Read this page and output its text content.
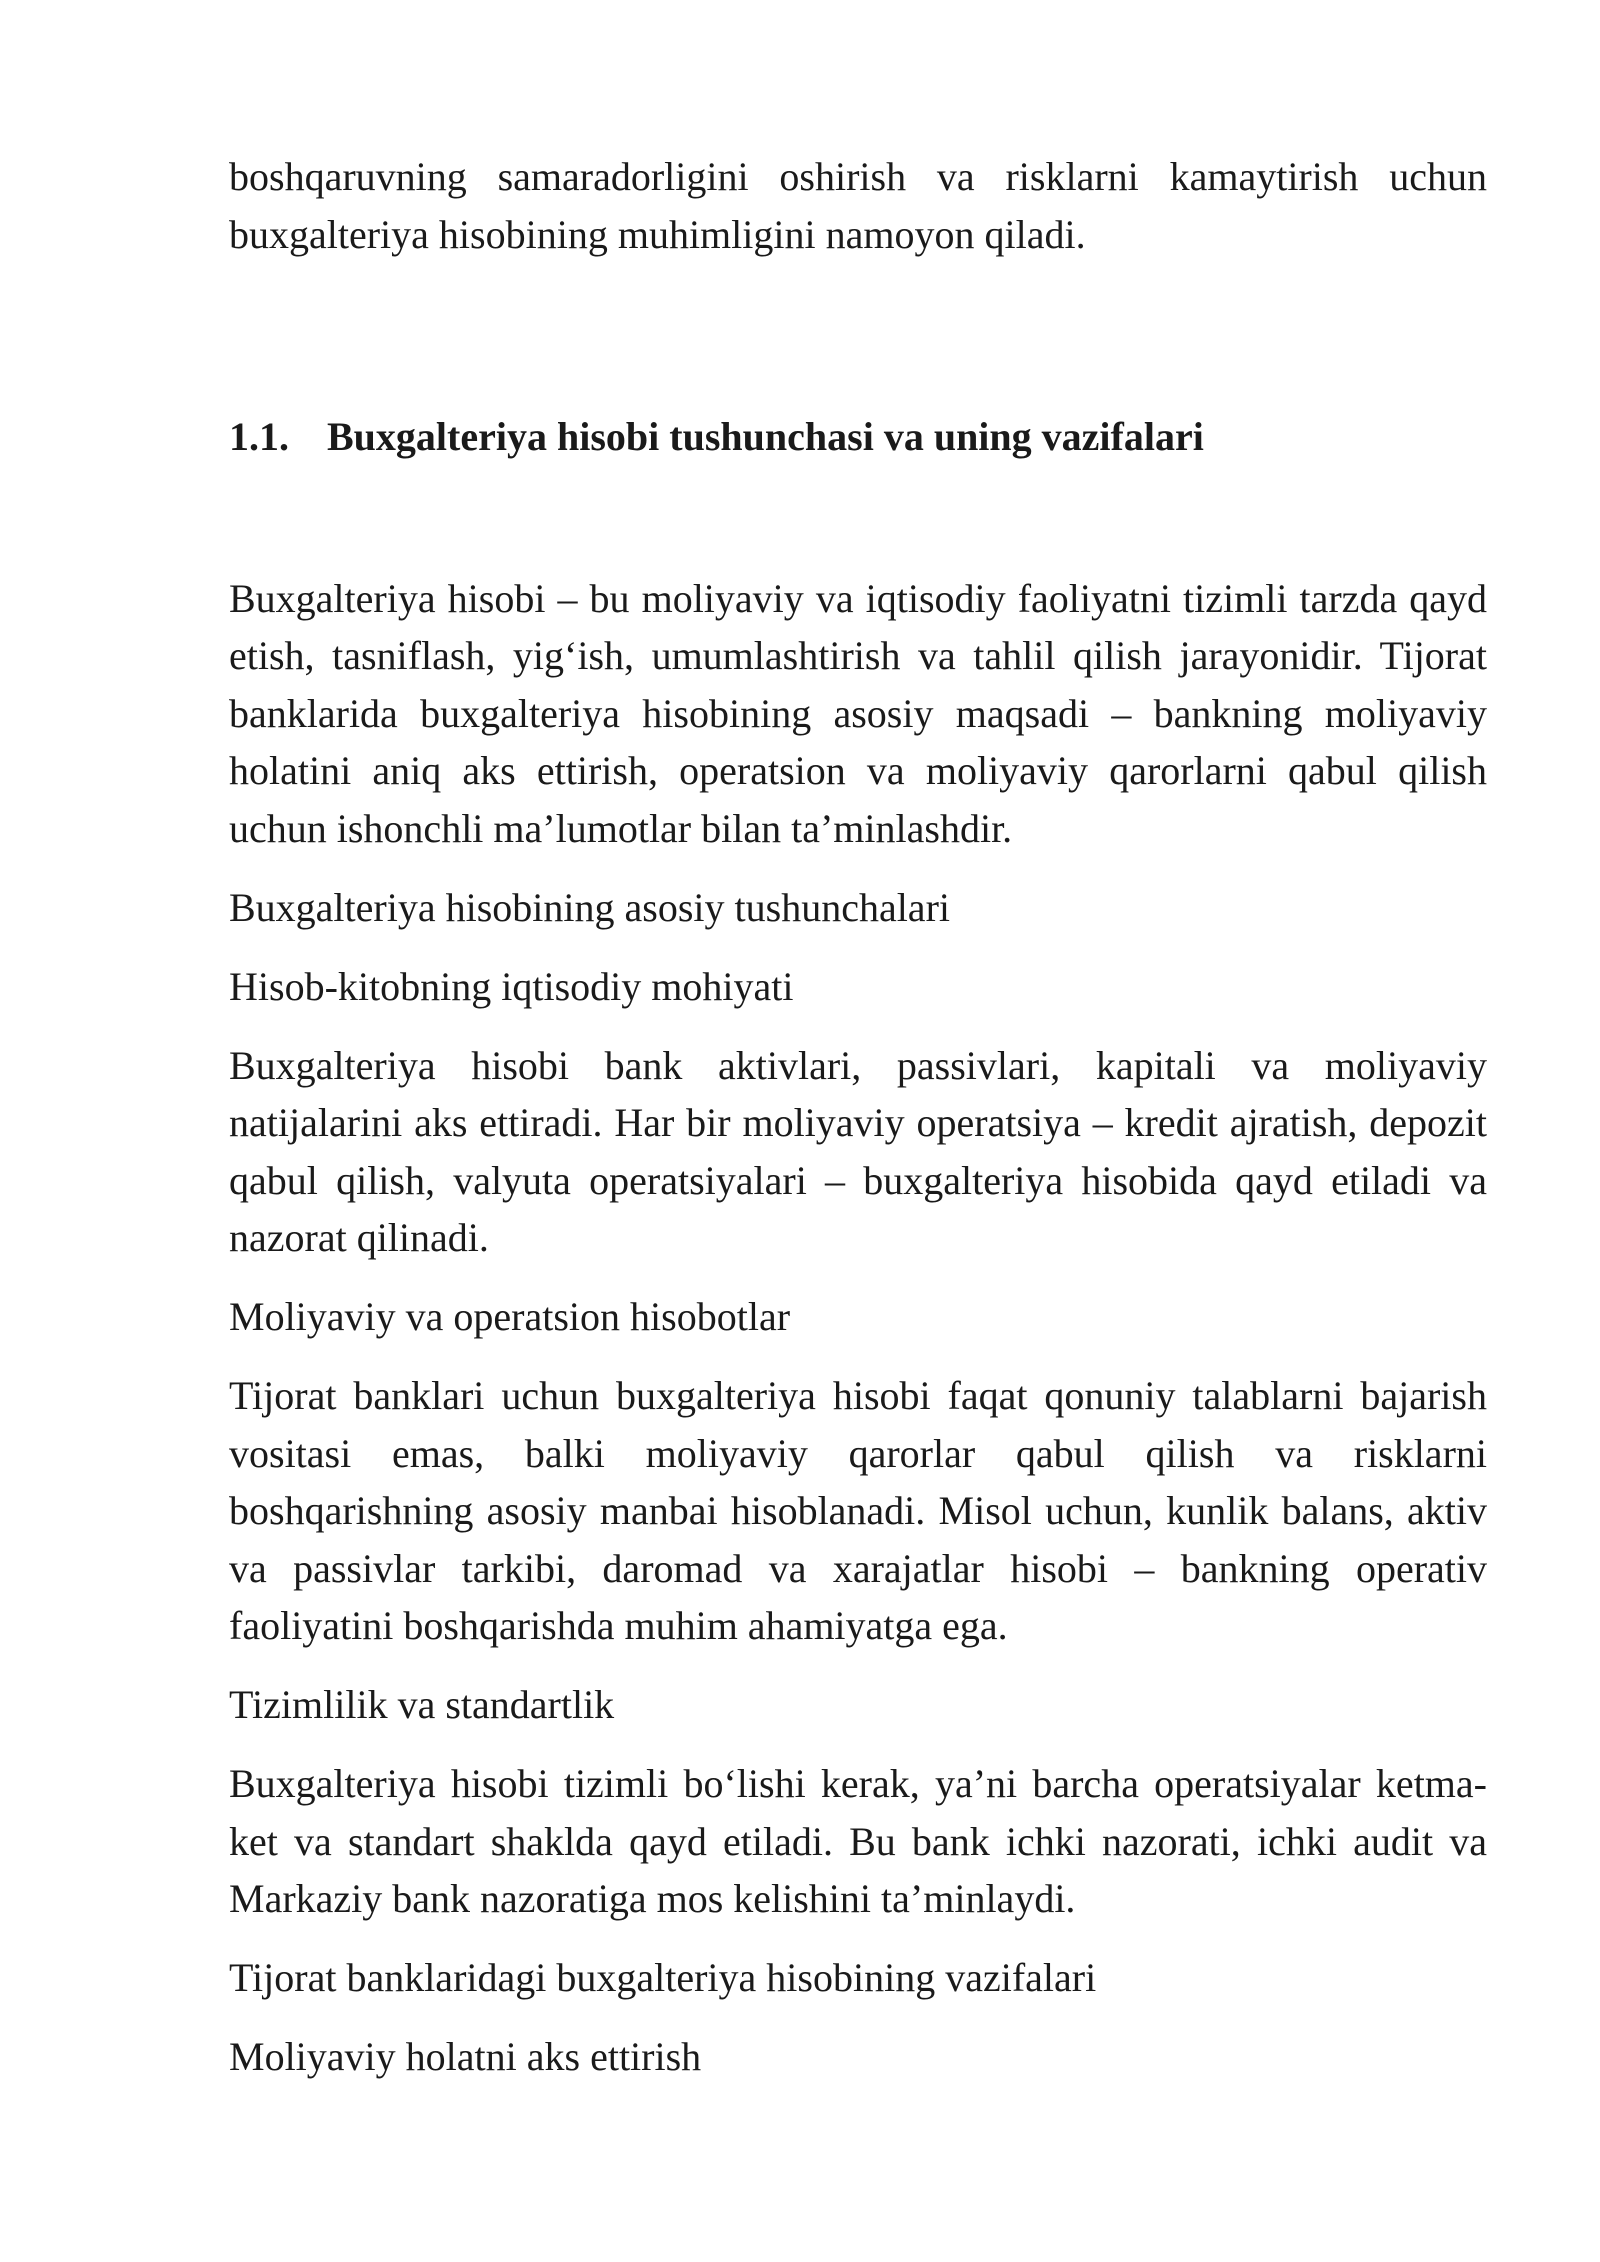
boshqaruvning samaradorligini oshirish va risklarni kamaytirish uchun buxgalteriya hisobining muhimligini namoyon qiladi.

1.1. Buxgalteriya hisobi tushunchasi va uning vazifalari

Buxgalteriya hisobi – bu moliyaviy va iqtisodiy faoliyatni tizimli tarzda qayd etish, tasniflash, yig‘ish, umumlashtirish va tahlil qilish jarayonidir. Tijorat banklarida buxgalteriya hisobining asosiy maqsadi – bankning moliyaviy holatini aniq aks ettirish, operatsion va moliyaviy qarorlarni qabul qilish uchun ishonchli ma’lumotlar bilan ta’minlashdir.

Buxgalteriya hisobining asosiy tushunchalari

Hisob-kitobning iqtisodiy mohiyati

Buxgalteriya hisobi bank aktivlari, passivlari, kapitali va moliyaviy natijalarini aks ettiradi. Har bir moliyaviy operatsiya – kredit ajratish, depozit qabul qilish, valyuta operatsiyalari – buxgalteriya hisobida qayd etiladi va nazorat qilinadi.

Moliyaviy va operatsion hisobotlar

Tijorat banklari uchun buxgalteriya hisobi faqat qonuniy talablarni bajarish vositasi emas, balki moliyaviy qarorlar qabul qilish va risklarni boshqarishning asosiy manbai hisoblanadi. Misol uchun, kunlik balans, aktiv va passivlar tarkibi, daromad va xarajatlar hisobi – bankning operativ faoliyatini boshqarishda muhim ahamiyatga ega.

Tizimlilik va standartlik

Buxgalteriya hisobi tizimli bo‘lishi kerak, ya’ni barcha operatsiyalar ketma-ket va standart shaklda qayd etiladi. Bu bank ichki nazorati, ichki audit va Markaziy bank nazoratiga mos kelishini ta’minlaydi.

Tijorat banklaridagi buxgalteriya hisobining vazifalari

Moliyaviy holatni aks ettirish
